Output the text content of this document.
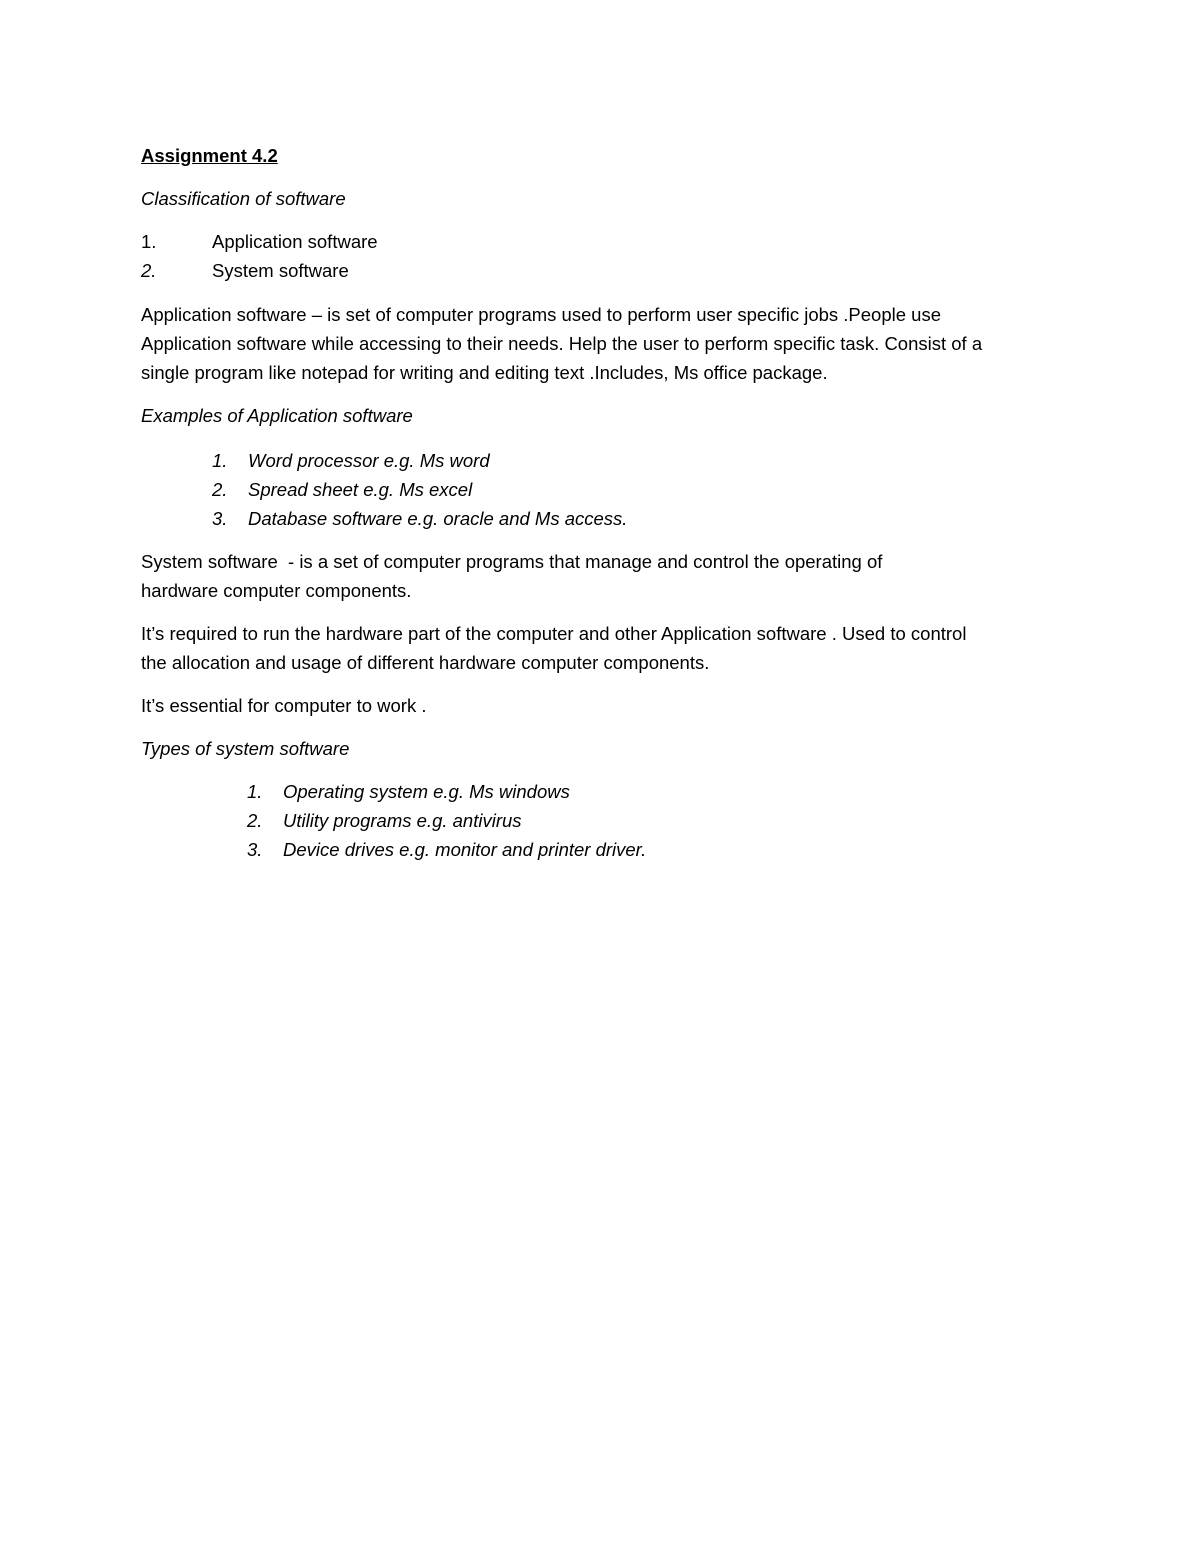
Assignment 4.2
Classification of software
1.	Application software
2.	System software
Application software – is set of computer programs used to perform user specific jobs .People use Application software while accessing to their needs. Help the user to perform specific task. Consist of a single program like notepad for writing and editing text .Includes, Ms office package.
Examples of Application software
1. Word processor e.g. Ms word
2. Spread sheet e.g. Ms excel
3. Database software e.g. oracle and Ms access.
System software  - is a set of computer programs that manage and control the operating of hardware computer components.
It’s required to run the hardware part of the computer and other Application software . Used to control the allocation and usage of different hardware computer components.
It’s essential for computer to work .
Types of system software
1. Operating system e.g. Ms windows
2. Utility programs e.g. antivirus
3. Device drives e.g. monitor and printer driver.
